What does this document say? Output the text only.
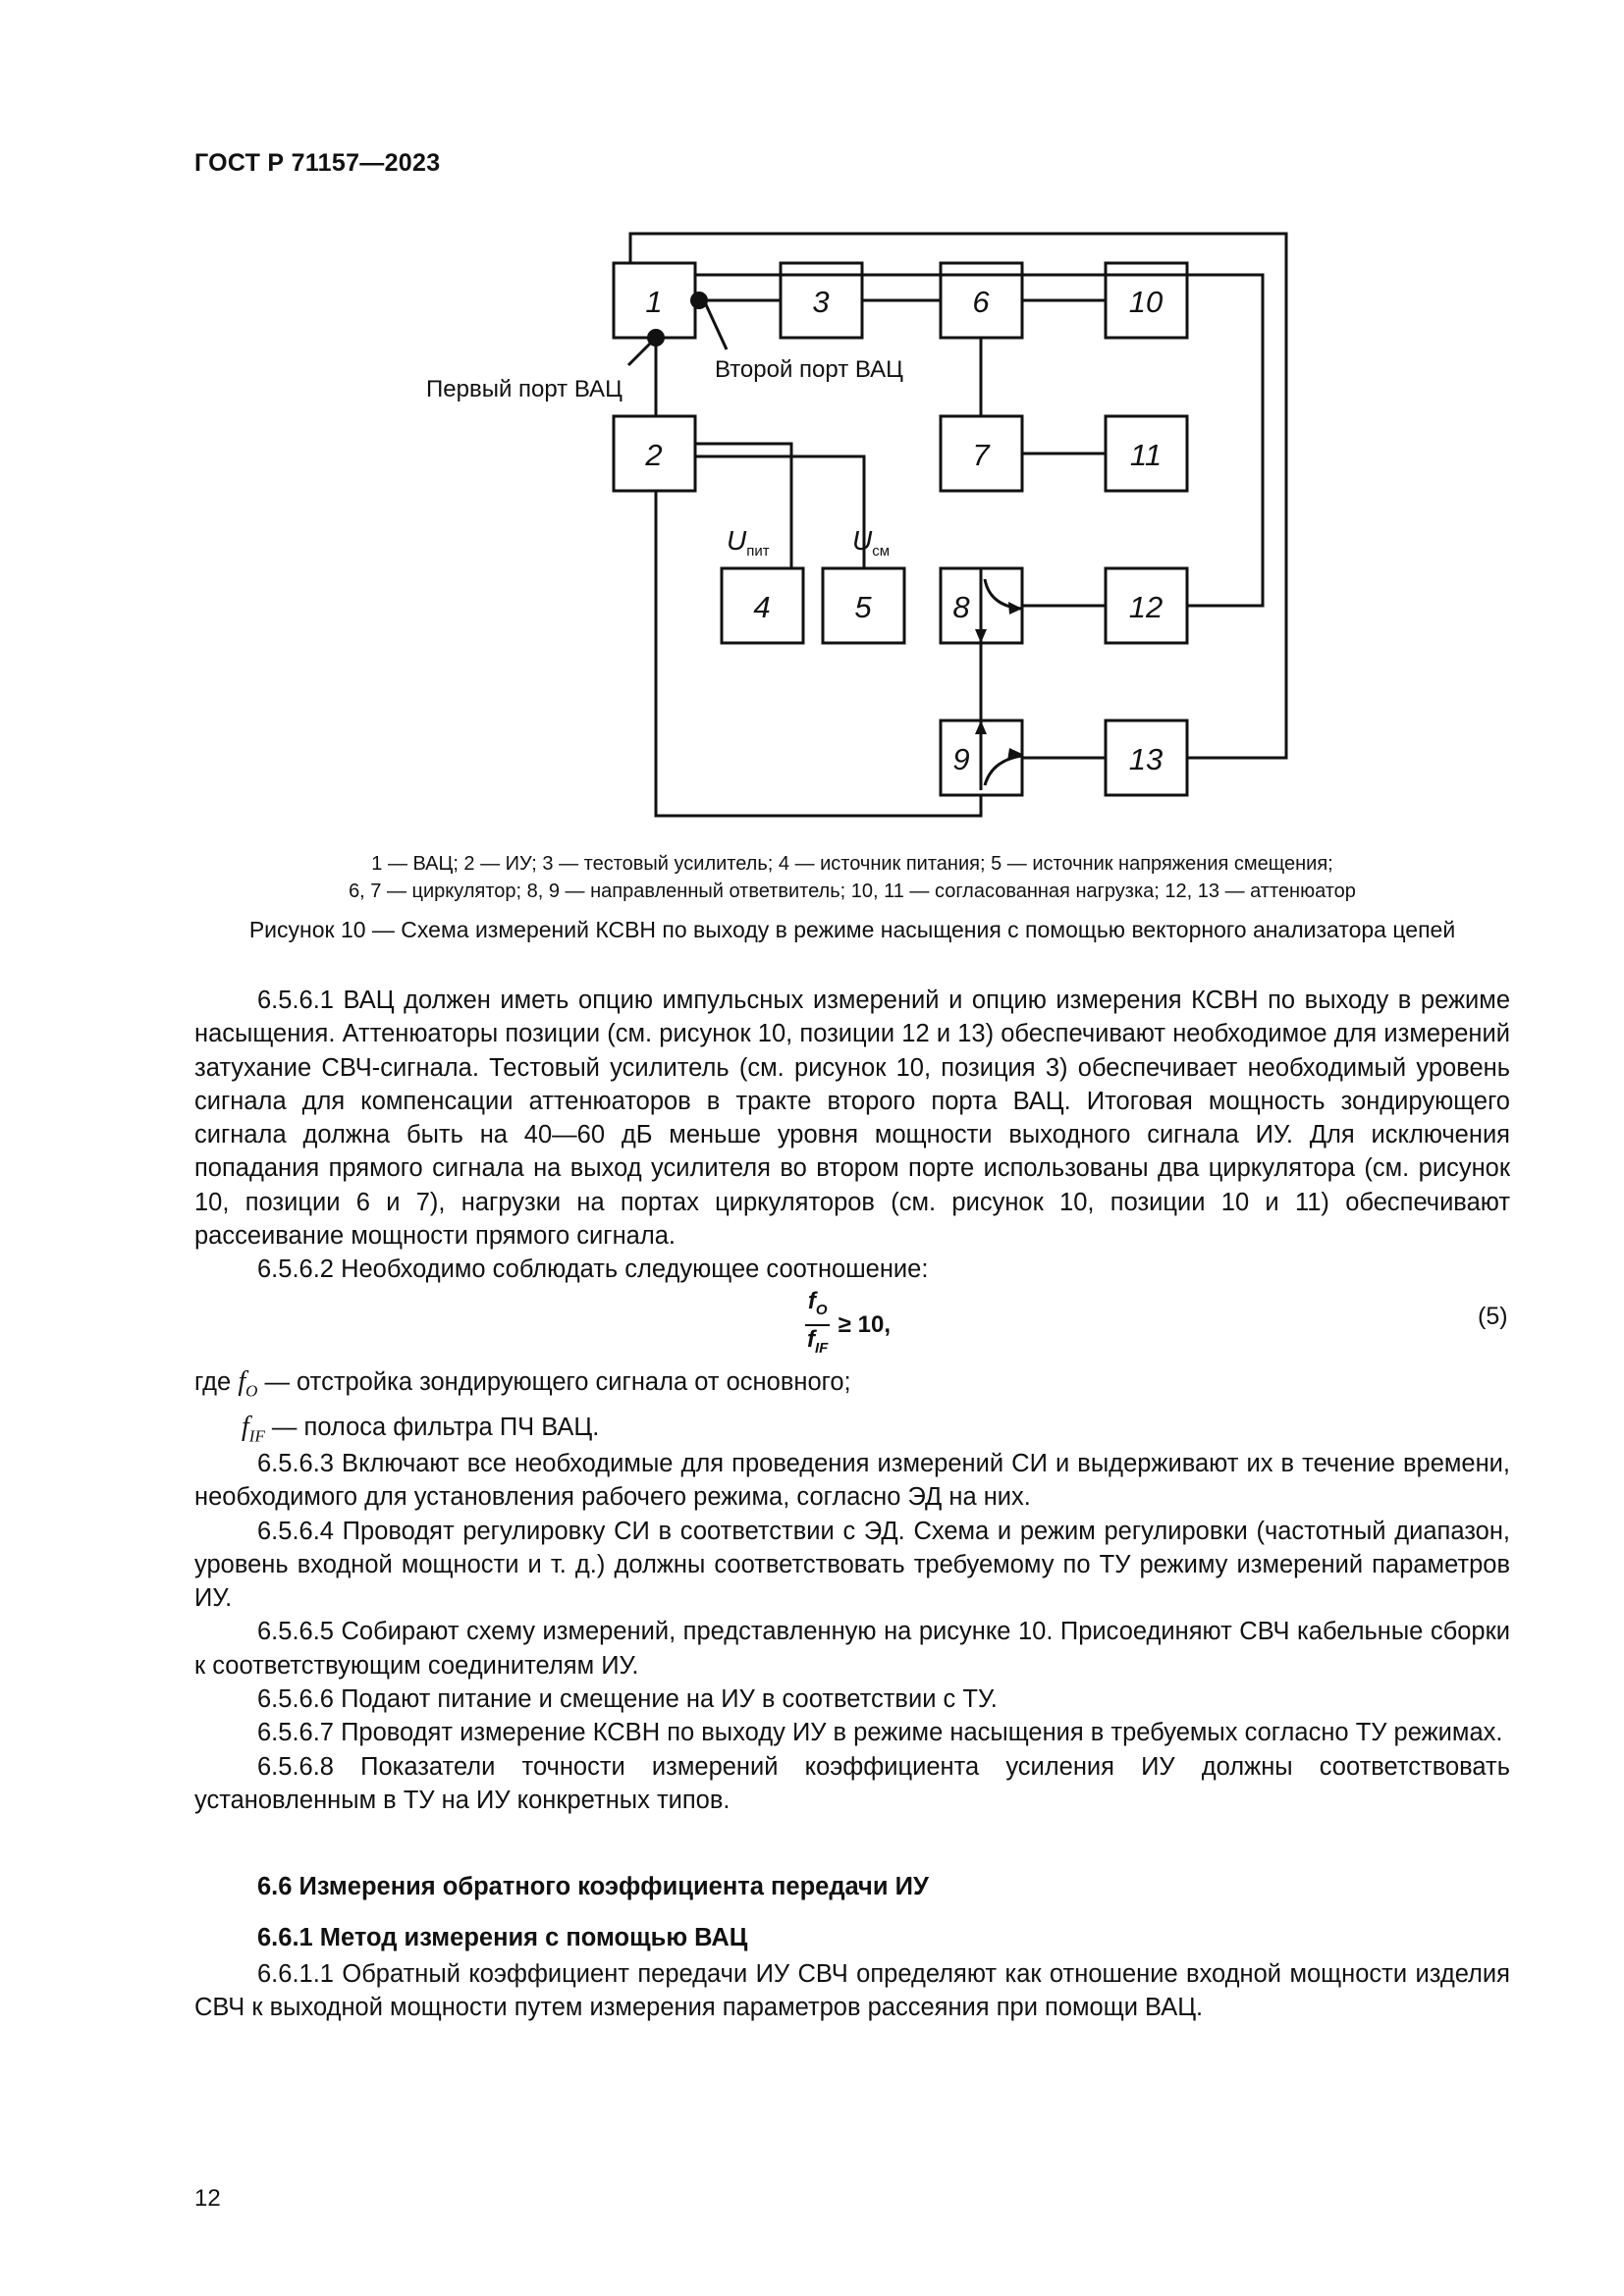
ГОСТ Р 71157—2023
1
2
3
4	5
6
7
8
9
10
11
12
13
Первый порт ВАЦ
Второй порт ВАЦ
$U_{пит}$	$U_{см}$
1 — ВАЦ; 2 — ИУ; 3 — тестовый усилитель; 4 — источник питания; 5 — источник напряжения смещения;
6, 7 — циркулятор; 8, 9 — направленный ответвитель; 10, 11 — согласованная нагрузка; 12, 13 — аттенюатор
Рисунок 10 — Схема измерений КСВН по выходу в режиме насыщения с помощью векторного анализатора цепей

6.5.6.1 ВАЦ должен иметь опцию импульсных измерений и опцию измерения КСВН по выходу в режиме насыщения. Аттенюаторы позиции (см. рисунок 10, позиции 12 и 13) обеспечивают необходимое для измерений затухание СВЧ-сигнала. Тестовый усилитель (см. рисунок 10, позиция 3) обеспечивает необходимый уровень сигнала для компенсации аттенюаторов в тракте второго порта ВАЦ. Итоговая мощность зондирующего сигнала должна быть на 40—60 дБ меньше уровня мощности выходного сигнала ИУ. Для исключения попадания прямого сигнала на выход усилителя во втором порте использованы два циркулятора (см. рисунок 10, позиции 6 и 7), нагрузки на портах циркуляторов (см. рисунок 10, позиции 10 и 11) обеспечивают рассеивание мощности прямого сигнала.

6.5.6.2 Необходимо соблюдать следующее соотношение:

$\frac{f_O}{f_{IF}} \ge 10$,	(5)
где $f_O$ — отстройка зондирующего сигнала от основного;
$f_{IF}$ — полоса фильтра ПЧ ВАЦ.

6.5.6.3 Включают все необходимые для проведения измерений СИ и выдерживают их в течение времени, необходимого для установления рабочего режима, согласно ЭД на них.

6.5.6.4 Проводят регулировку СИ в соответствии с ЭД. Схема и режим регулировки (частотный диапазон, уровень входной мощности и т. д.) должны соответствовать требуемому по ТУ режиму измерений параметров ИУ.

6.5.6.5 Собирают схему измерений, представленную на рисунке 10. Присоединяют СВЧ кабельные сборки к соответствующим соединителям ИУ.

6.5.6.6 Подают питание и смещение на ИУ в соответствии с ТУ.

6.5.6.7 Проводят измерение КСВН по выходу ИУ в режиме насыщения в требуемых согласно ТУ режимах.

6.5.6.8 Показатели точности измерений коэффициента усиления ИУ должны соответствовать установленным в ТУ на ИУ конкретных типов.

6.6 Измерения обратного коэффициента передачи ИУ
6.6.1 Метод измерения с помощью ВАЦ

6.6.1.1 Обратный коэффициент передачи ИУ СВЧ определяют как отношение входной мощности изделия СВЧ к выходной мощности путем измерения параметров рассеяния при помощи ВАЦ.

12
